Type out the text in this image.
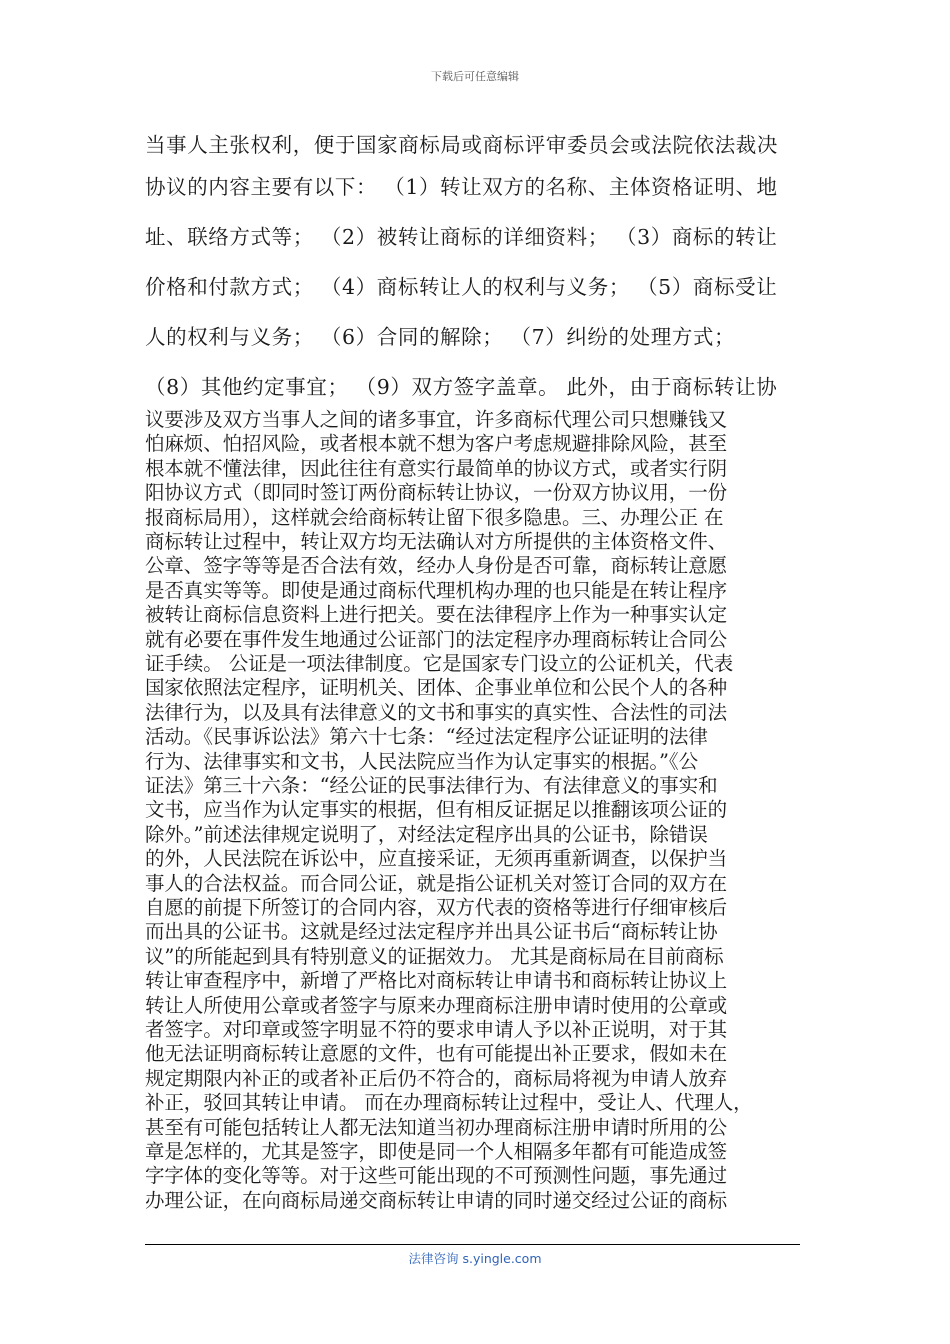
下载后可任意编辑
当事人主张权利，便于国家商标局或商标评审委员会或法院依法裁决
协议的内容主要有以下： （1）转让双方的名称、主体资格证明、地
址、联络方式等； （2）被转让商标的详细资料； （3）商标的转让
价格和付款方式； （4）商标转让人的权利与义务； （5）商标受让
人的权利与义务； （6）合同的解除； （7）纠纷的处理方式；
（8）其他约定事宜； （9）双方签字盖章。 此外，由于商标转让协
议要涉及双方当事人之间的诸多事宜，许多商标代理公司只想赚钱又
怕麻烦、怕招风险，或者根本就不想为客户考虑规避排除风险，甚至
根本就不懂法律，因此往往有意实行最简单的协议方式，或者实行阴
阳协议方式（即同时签订两份商标转让协议，一份双方协议用，一份
报商标局用），这样就会给商标转让留下很多隐患。三、办理公正 在
商标转让过程中，转让双方均无法确认对方所提供的主体资格文件、
公章、签字等等是否合法有效，经办人身份是否可靠，商标转让意愿
是否真实等等。即使是通过商标代理机构办理的也只能是在转让程序
被转让商标信息资料上进行把关。要在法律程序上作为一种事实认定
就有必要在事件发生地通过公证部门的法定程序办理商标转让合同公
证手续。 公证是一项法律制度。它是国家专门设立的公证机关，代表
国家依照法定程序，证明机关、团体、企事业单位和公民个人的各种
法律行为，以及具有法律意义的文书和事实的真实性、合法性的司法
活动。《民事诉讼法》第六十七条：“经过法定程序公证证明的法律
行为、法律事实和文书，人民法院应当作为认定事实的根据。”《公
证法》第三十六条：“经公证的民事法律行为、有法律意义的事实和
文书，应当作为认定事实的根据，但有相反证据足以推翻该项公证的
除外。”前述法律规定说明了，对经法定程序出具的公证书，除错误
的外，人民法院在诉讼中，应直接采证，无须再重新调查，以保护当
事人的合法权益。而合同公证，就是指公证机关对签订合同的双方在
自愿的前提下所签订的合同内容，双方代表的资格等进行仔细审核后
而出具的公证书。这就是经过法定程序并出具公证书后“商标转让协
议”的所能起到具有特别意义的证据效力。 尤其是商标局在目前商标
转让审查程序中，新增了严格比对商标转让申请书和商标转让协议上
转让人所使用公章或者签字与原来办理商标注册申请时使用的公章或
者签字。对印章或签字明显不符的要求申请人予以补正说明，对于其
他无法证明商标转让意愿的文件，也有可能提出补正要求，假如未在
规定期限内补正的或者补正后仍不符合的，商标局将视为申请人放弃
补正，驳回其转让申请。 而在办理商标转让过程中，受让人、代理人，
甚至有可能包括转让人都无法知道当初办理商标注册申请时所用的公
章是怎样的，尤其是签字，即使是同一个人相隔多年都有可能造成签
字字体的变化等等。对于这些可能出现的不可预测性问题，事先通过
办理公证，在向商标局递交商标转让申请的同时递交经过公证的商标
法律咨询 s.yingle.com
